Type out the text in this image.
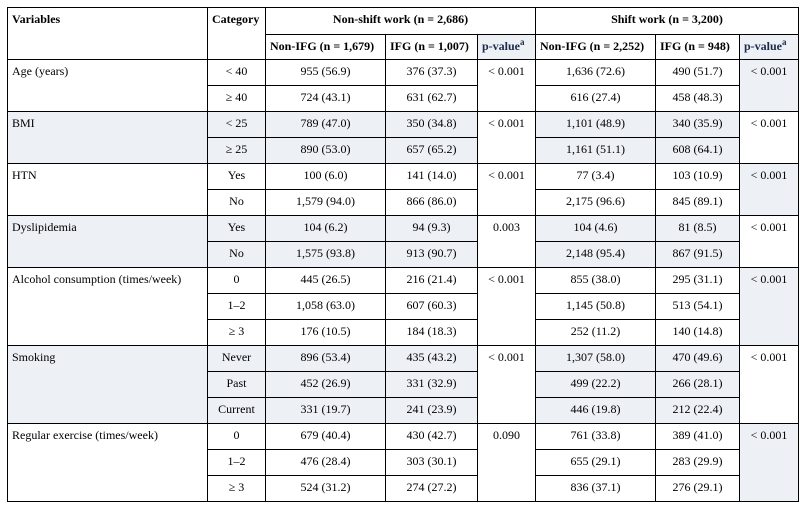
Variables	Category	Non-shift work (n = 2,686)			Shift work (n = 3,200)		
		Non-IFG (n = 1,679)	IFG (n = 1,007)	p-value$^a$	Non-IFG (n = 2,252)	IFG (n = 948)	p-value$^a$
Age (years)	< 40	955 (56.9)	376 (37.3)	< 0.001	1,636 (72.6)	490 (51.7)	< 0.001
	≥ 40	724 (43.1)	631 (62.7)		616 (27.4)	458 (48.3)	
BMI	< 25	789 (47.0)	350 (34.8)	< 0.001	1,101 (48.9)	340 (35.9)	< 0.001
	≥ 25	890 (53.0)	657 (65.2)		1,161 (51.1)	608 (64.1)	
HTN	Yes	100 (6.0)	141 (14.0)	< 0.001	77 (3.4)	103 (10.9)	< 0.001
	No	1,579 (94.0)	866 (86.0)		2,175 (96.6)	845 (89.1)	
Dyslipidemia	Yes	104 (6.2)	94 (9.3)	0.003	104 (4.6)	81 (8.5)	< 0.001
	No	1,575 (93.8)	913 (90.7)		2,148 (95.4)	867 (91.5)	
Alcohol consumption (times/week)	0	445 (26.5)	216 (21.4)	< 0.001	855 (38.0)	295 (31.1)	< 0.001
	1–2	1,058 (63.0)	607 (60.3)		1,145 (50.8)	513 (54.1)	
	≥ 3	176 (10.5)	184 (18.3)		252 (11.2)	140 (14.8)	
Smoking	Never	896 (53.4)	435 (43.2)	< 0.001	1,307 (58.0)	470 (49.6)	< 0.001
	Past	452 (26.9)	331 (32.9)		499 (22.2)	266 (28.1)	
	Current	331 (19.7)	241 (23.9)		446 (19.8)	212 (22.4)	
Regular exercise (times/week)	0	679 (40.4)	430 (42.7)	0.090	761 (33.8)	389 (41.0)	< 0.001
	1–2	476 (28.4)	303 (30.1)		655 (29.1)	283 (29.9)	
	≥ 3	524 (31.2)	274 (27.2)		836 (37.1)	276 (29.1)	
